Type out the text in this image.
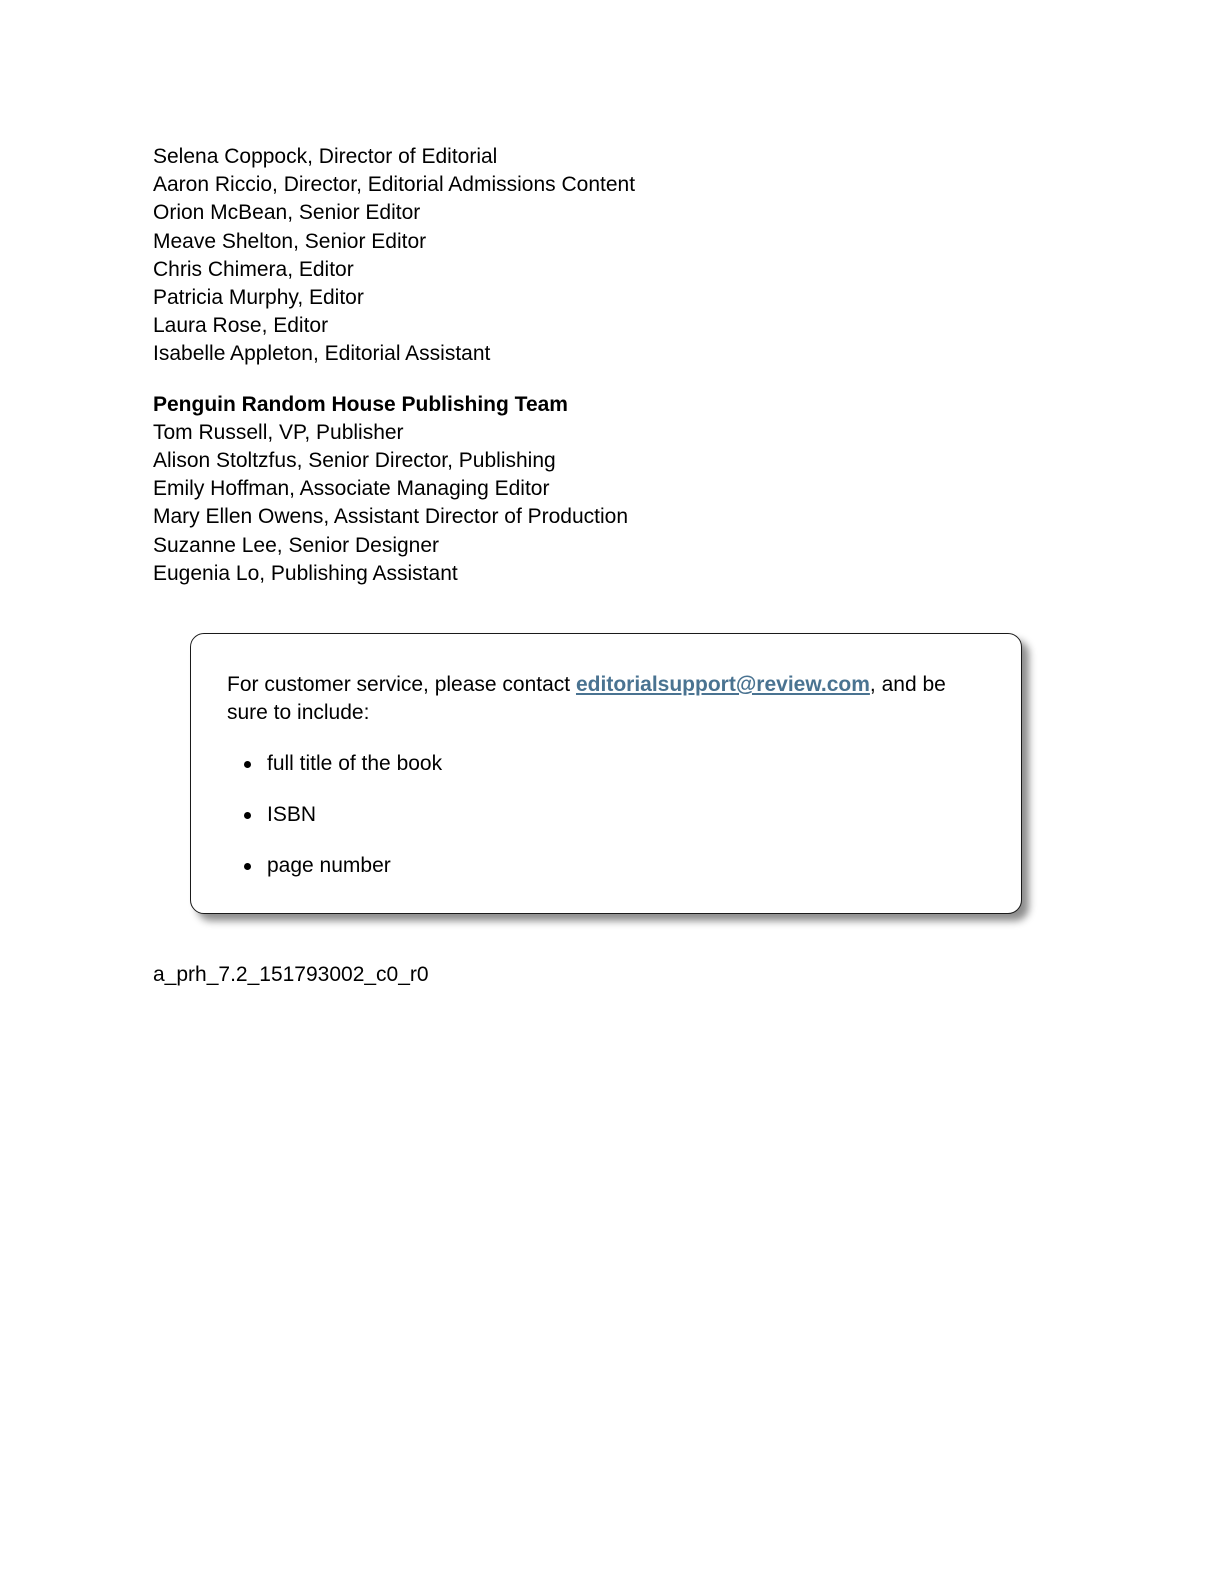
Selena Coppock, Director of Editorial
Aaron Riccio, Director, Editorial Admissions Content
Orion McBean, Senior Editor
Meave Shelton, Senior Editor
Chris Chimera, Editor
Patricia Murphy, Editor
Laura Rose, Editor
Isabelle Appleton, Editorial Assistant
Penguin Random House Publishing Team
Tom Russell, VP, Publisher
Alison Stoltzfus, Senior Director, Publishing
Emily Hoffman, Associate Managing Editor
Mary Ellen Owens, Assistant Director of Production
Suzanne Lee, Senior Designer
Eugenia Lo, Publishing Assistant
For customer service, please contact editorialsupport@review.com, and be sure to include:
full title of the book
ISBN
page number
a_prh_7.2_151793002_c0_r0
